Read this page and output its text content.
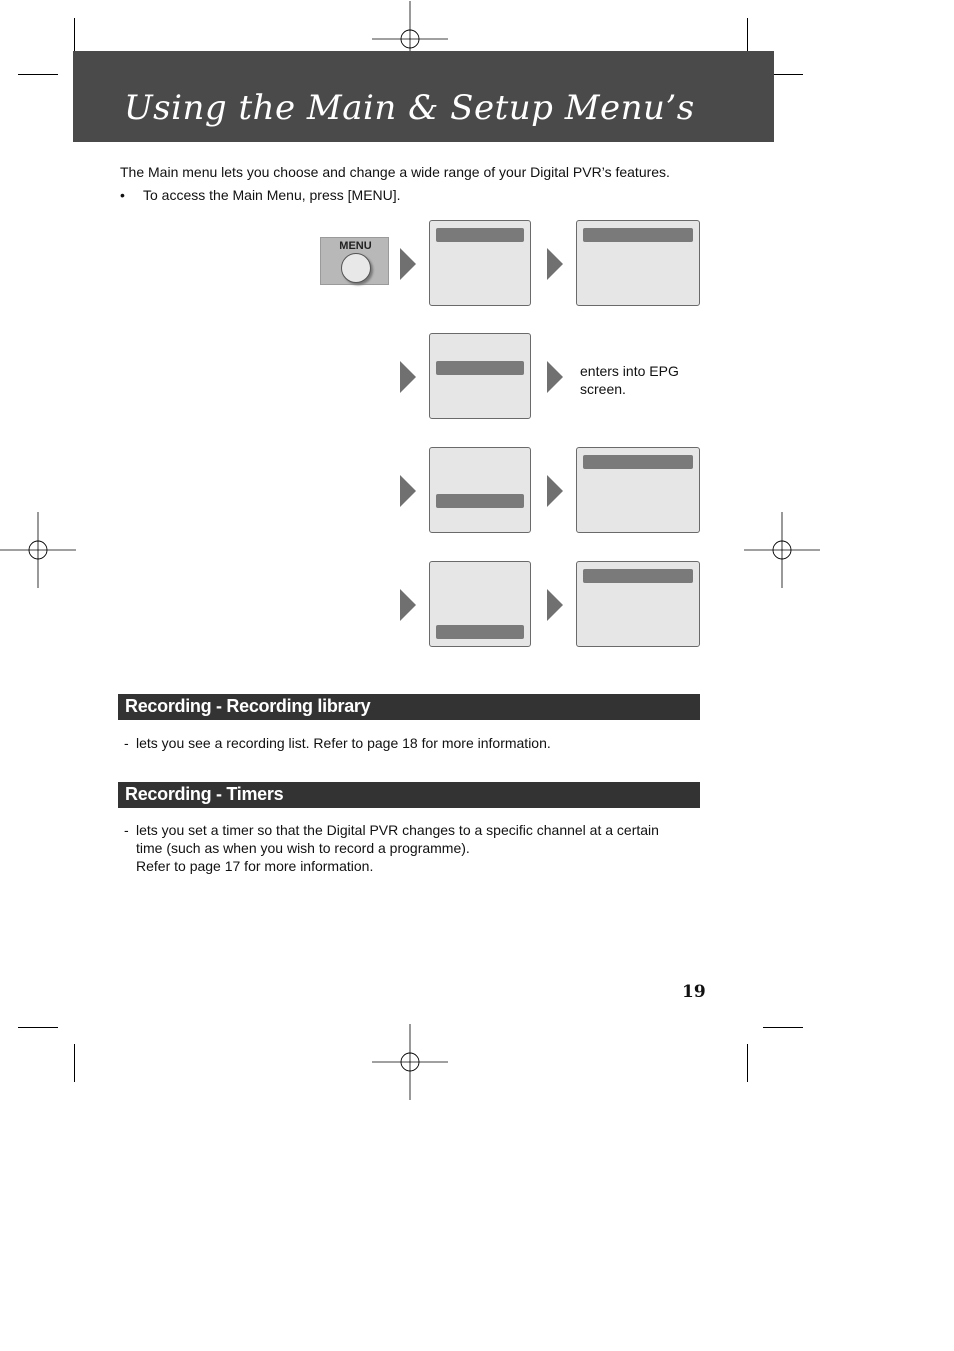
Using the Main & Setup Menu’s
The Main menu lets you choose and change a wide range of your Digital PVR’s features.
• To access the Main Menu, press [MENU].
MENU
enters into EPG
screen.
Recording - Recording library
- lets you see a recording list. Refer to page 18 for more information.
Recording - Timers
- lets you set a timer so that the Digital PVR changes to a specific channel at a certain
time (such as when you wish to record a programme).
Refer to page 17 for more information.
19
